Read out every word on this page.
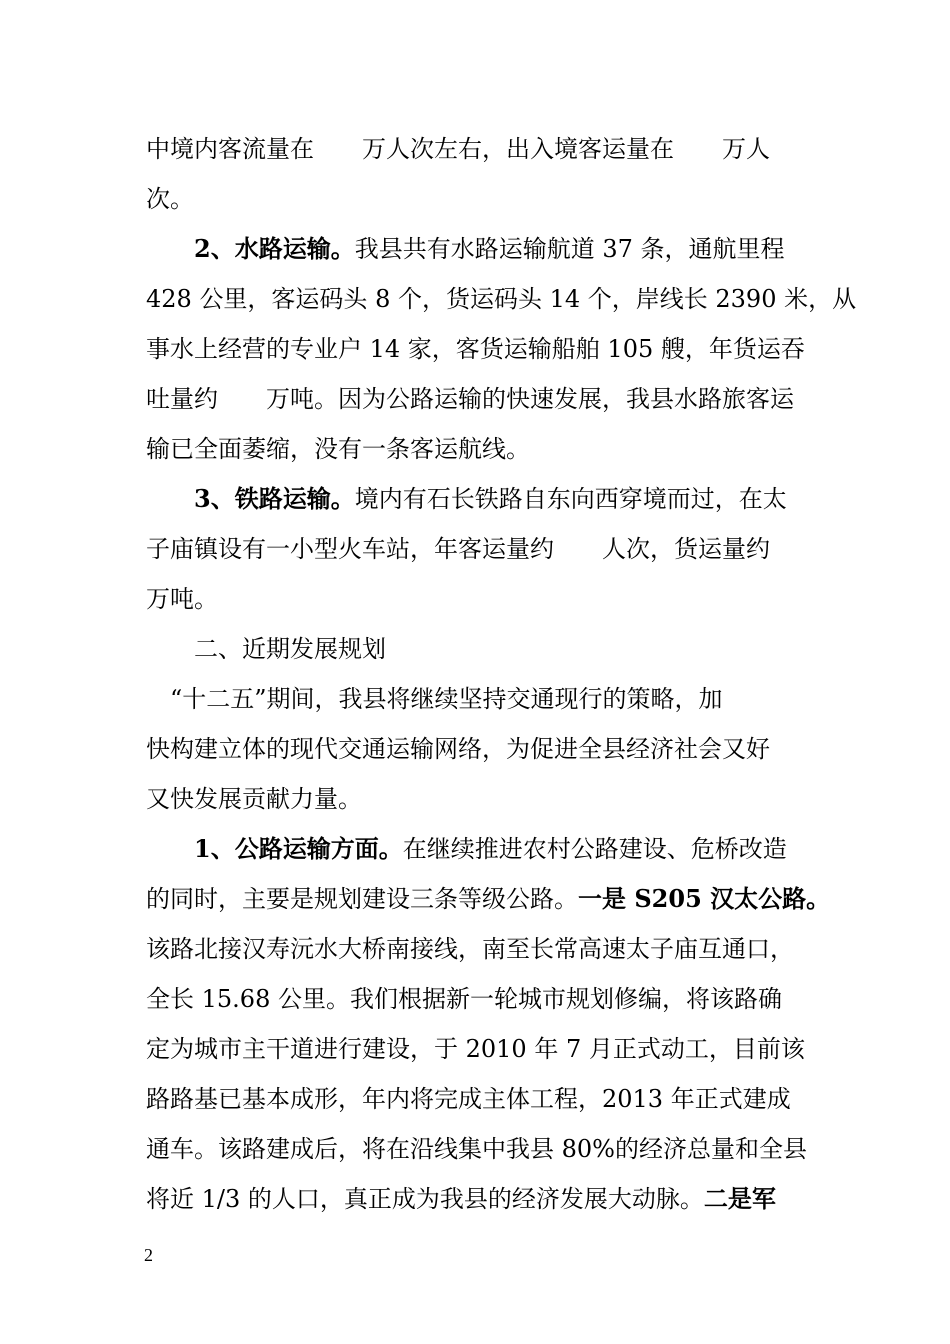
中境内客流量在　　万人次左右，出入境客运量在　　万人
次。
　　2、水路运输。我县共有水路运输航道 37 条，通航里程
428 公里，客运码头 8 个，货运码头 14 个，岸线长 2390 米，从
事水上经营的专业户 14 家，客货运输船舶 105 艘，年货运吞
吐量约　　万吨。因为公路运输的快速发展，我县水路旅客运
输已全面萎缩，没有一条客运航线。
　　3、铁路运输。境内有石长铁路自东向西穿境而过，在太
子庙镇设有一小型火车站，年客运量约　　人次，货运量约
万吨。
　　二、近期发展规划
　“十二五”期间，我县将继续坚持交通现行的策略，加
快构建立体的现代交通运输网络，为促进全县经济社会又好
又快发展贡献力量。
　　1、公路运输方面。在继续推进农村公路建设、危桥改造
的同时，主要是规划建设三条等级公路。一是 S205 汉太公路。
该路北接汉寿沅水大桥南接线，南至长常高速太子庙互通口，
全长 15.68 公里。我们根据新一轮城市规划修编，将该路确
定为城市主干道进行建设，于 2010 年 7 月正式动工，目前该
路路基已基本成形，年内将完成主体工程，2013 年正式建成
通车。该路建成后，将在沿线集中我县 80%的经济总量和全县
将近 1/3 的人口，真正成为我县的经济发展大动脉。二是军
2
